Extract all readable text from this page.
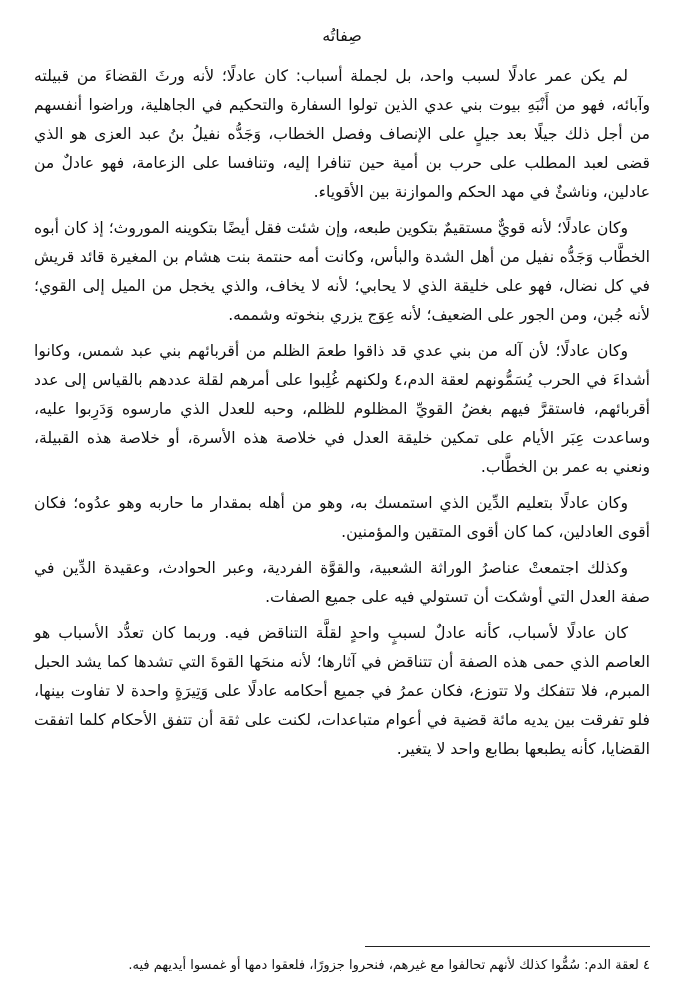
صِفاتُه

لم يكن عمر عادلًا لسبب واحد، بل لجملة أسباب: كان عادلًا؛ لأنه ورثَ القضاءَ من قبيلته وآبائه، فهو من أَنْبَهِ بيوت بني عدي الذين تولوا السفارة والتحكيم في الجاهلية، وراضوا أنفسهم من أجل ذلك جيلًا بعد جيلٍ على الإنصاف وفصل الخطاب، وَجَدُّه نفيلُ بنُ عبد العزى هو الذي قضى لعبد المطلب على حرب بن أمية حين تنافرا إليه، وتنافسا على الزعامة، فهو عادلٌ من عادلين، وناشئٌ في مهد الحكم والموازنة بين الأقوياء.

وكان عادلًا؛ لأنه قويٌّ مستقيمٌ بتكوين طبعه، وإن شئت فقل أيضًا بتكوينه الموروث؛ إذ كان أبوه الخطَّاب وَجَدُّه نفيل من أهل الشدة والبأس، وكانت أمه حنتمة بنت هشام بن المغيرة قائد قريش في كل نضال، فهو على خليقة الذي لا يحابي؛ لأنه لا يخاف، والذي يخجل من الميل إلى القوي؛ لأنه جُبن، ومن الجور على الضعيف؛ لأنه عِوَج يزري بنخوته وشممه.

وكان عادلًا؛ لأن آله من بني عدي قد ذاقوا طعمَ الظلم من أقربائهم بني عبد شمس، وكانوا أشداءَ في الحرب يُسَمُّونهم لعقة الدم،٤ ولكنهم غُلِبوا على أمرهم لقلة عددهم بالقياس إلى عدد أقربائهم، فاستقرَّ فيهم بغضُ القويِّ المظلوم للظلم، وحبه للعدل الذي مارسوه وَدَرِبوا عليه، وساعدت عِبَر الأيام على تمكين خليقة العدل في خلاصة هذه الأسرة، أو خلاصة هذه القبيلة، ونعني به عمر بن الخطَّاب.

وكان عادلًا بتعليم الدِّين الذي استمسك به، وهو من أهله بمقدار ما حاربه وهو عدُوه؛ فكان أقوى العادلين، كما كان أقوى المتقين والمؤمنين.

وكذلك اجتمعتْ عناصرُ الوراثة الشعبية، والقوَّة الفردية، وعبر الحوادث، وعقيدة الدِّين في صفة العدل التي أوشكت أن تستولي فيه على جميع الصفات.

كان عادلًا لأسباب، كأنه عادلٌ لسببٍ واحدٍ لقلَّة التناقض فيه. وربما كان تعدُّد الأسباب هو العاصم الذي حمى هذه الصفة أن تتناقض في آثارها؛ لأنه منحَها القوةَ التي تشدها كما يشد الحبل المبرم، فلا تتفكك ولا تتوزع، فكان عمرُ في جميع أحكامه عادلًا على وَتِيرَةٍ واحدة لا تفاوت بينها، فلو تفرقت بين يديه مائة قضية في أعوام متباعدات، لكنت على ثقة أن تتفق الأحكام كلما اتفقت القضايا، كأنه يطبعها بطابع واحد لا يتغير.

٤ لعقة الدم: سُمُّوا كذلك لأنهم تحالفوا مع غيرهم، فنحروا جزورًا، فلعقوا دمها أو غمسوا أيديهم فيه.
